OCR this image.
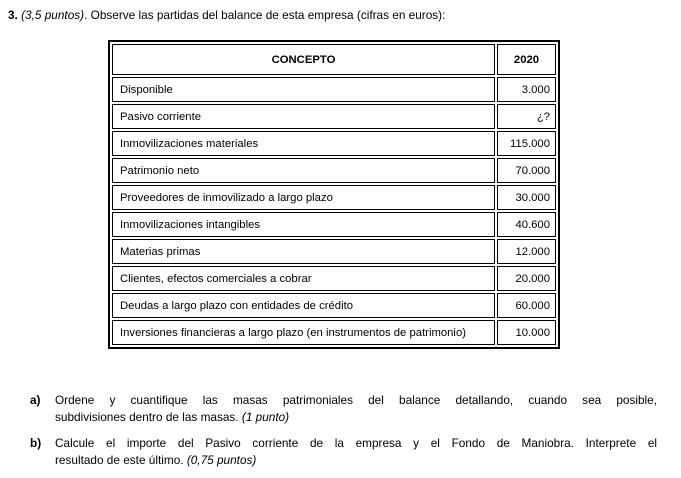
3. (3,5 puntos). Observe las partidas del balance de esta empresa (cifras en euros):

CONCEPTO	2020
Disponible	3.000
Pasivo corriente	¿?
Inmovilizaciones materiales	115.000
Patrimonio neto	70.000
Proveedores de inmovilizado a largo plazo	30.000
Inmovilizaciones intangibles	40.600
Materias primas	12.000
Clientes, efectos comerciales a cobrar	20.000
Deudas a largo plazo con entidades de crédito	60.000
Inversiones financieras a largo plazo (en instrumentos de patrimonio)	10.000
a) Ordene y cuantifique las masas patrimoniales del balance detallando, cuando sea posible,
subdivisiones dentro de las masas. (1 punto)
b) Calcule el importe del Pasivo corriente de la empresa y el Fondo de Maniobra. Interprete el
resultado de este último. (0,75 puntos)
